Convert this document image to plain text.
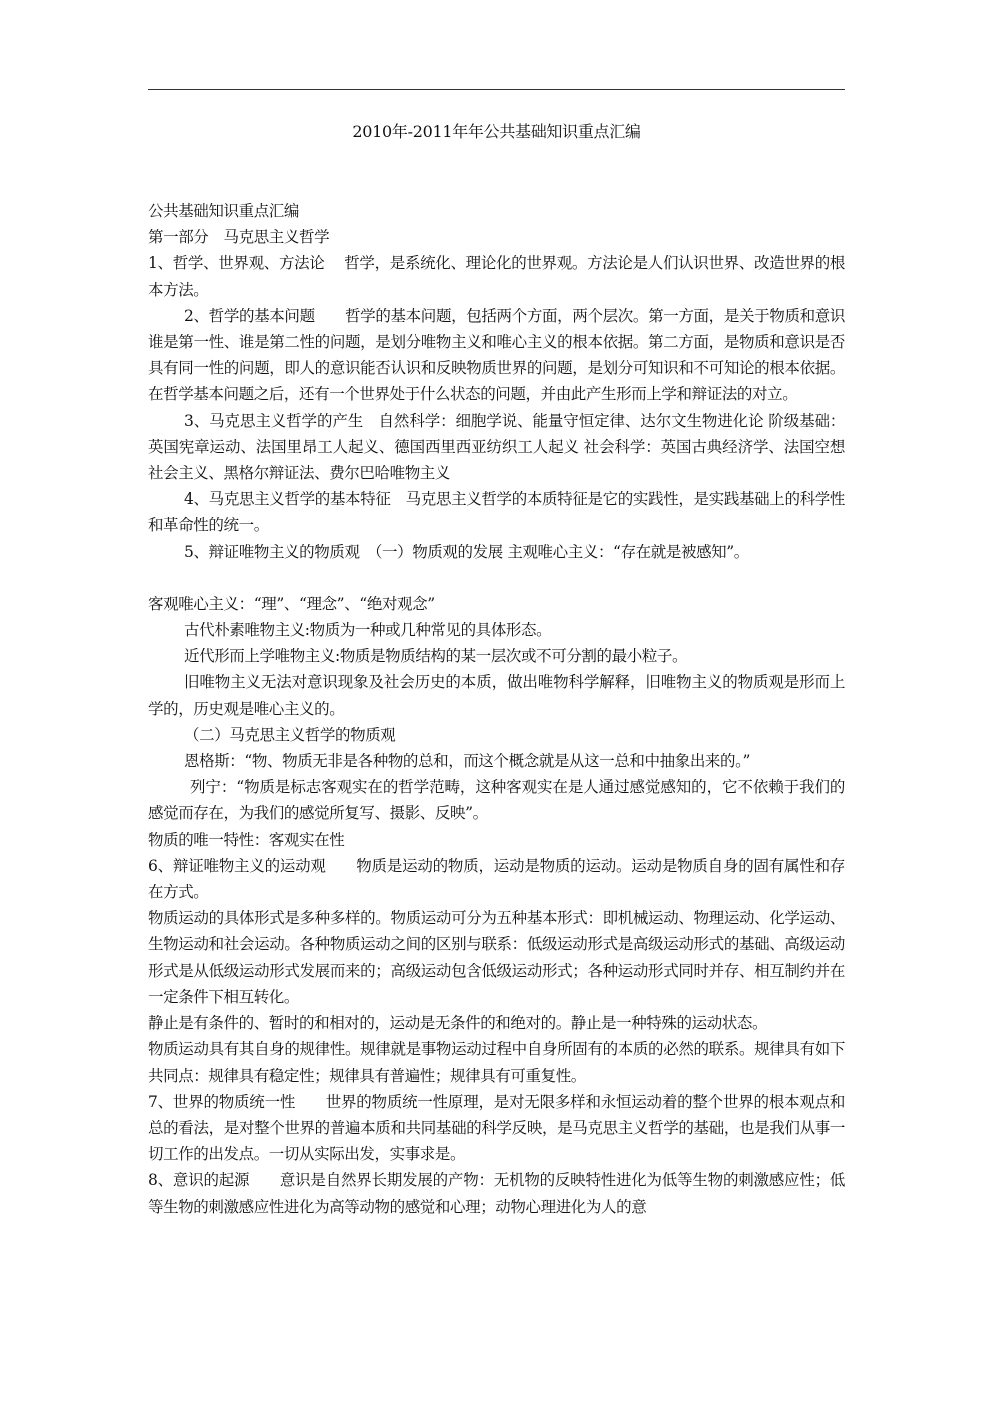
2010年-2011年年公共基础知识重点汇编

公共基础知识重点汇编

第一部分　马克思主义哲学

1、哲学、世界观、方法论　 哲学，是系统化、理论化的世界观。方法论是人们认识世界、改造世界的根本方法。

2、哲学的基本问题　　哲学的基本问题，包括两个方面，两个层次。第一方面，是关于物质和意识谁是第一性、谁是第二性的问题，是划分唯物主义和唯心主义的根本依据。第二方面，是物质和意识是否具有同一性的问题，即人的意识能否认识和反映物质世界的问题，是划分可知识和不可知论的根本依据。在哲学基本问题之后，还有一个世界处于什么状态的问题，并由此产生形而上学和辩证法的对立。

3、马克思主义哲学的产生　自然科学：细胞学说、能量守恒定律、达尔文生物进化论 阶级基础：英国宪章运动、法国里昂工人起义、德国西里西亚纺织工人起义 社会科学：英国古典经济学、法国空想社会主义、黑格尔辩证法、费尔巴哈唯物主义

4、马克思主义哲学的基本特征　马克思主义哲学的本质特征是它的实践性，是实践基础上的科学性和革命性的统一。

5、辩证唯物主义的物质观　（一）物质观的发展 主观唯心主义：“存在就是被感知”。

客观唯心主义：“理”、“理念”、“绝对观念”

古代朴素唯物主义:物质为一种或几种常见的具体形态。

近代形而上学唯物主义:物质是物质结构的某一层次或不可分割的最小粒子。

旧唯物主义无法对意识现象及社会历史的本质，做出唯物科学解释，旧唯物主义的物质观是形而上学的，历史观是唯心主义的。

（二）马克思主义哲学的物质观

恩格斯：“物、物质无非是各种物的总和，而这个概念就是从这一总和中抽象出来的。”

列宁：“物质是标志客观实在的哲学范畴，这种客观实在是人通过感觉感知的，它不依赖于我们的感觉而存在，为我们的感觉所复写、摄影、反映”。

物质的唯一特性：客观实在性

6、辩证唯物主义的运动观　　物质是运动的物质，运动是物质的运动。运动是物质自身的固有属性和存在方式。

物质运动的具体形式是多种多样的。物质运动可分为五种基本形式：即机械运动、物理运动、化学运动、生物运动和社会运动。各种物质运动之间的区别与联系：低级运动形式是高级运动形式的基础、高级运动形式是从低级运动形式发展而来的；高级运动包含低级运动形式；各种运动形式同时并存、相互制约并在一定条件下相互转化。

静止是有条件的、暂时的和相对的，运动是无条件的和绝对的。静止是一种特殊的运动状态。

物质运动具有其自身的规律性。规律就是事物运动过程中自身所固有的本质的必然的联系。规律具有如下共同点：规律具有稳定性；规律具有普遍性；规律具有可重复性。

7、世界的物质统一性　　世界的物质统一性原理，是对无限多样和永恒运动着的整个世界的根本观点和总的看法，是对整个世界的普遍本质和共同基础的科学反映，是马克思主义哲学的基础，也是我们从事一切工作的出发点。一切从实际出发，实事求是。

8、意识的起源　　意识是自然界长期发展的产物：无机物的反映特性进化为低等生物的刺激感应性；低等生物的刺激感应性进化为高等动物的感觉和心理；动物心理进化为人的意
